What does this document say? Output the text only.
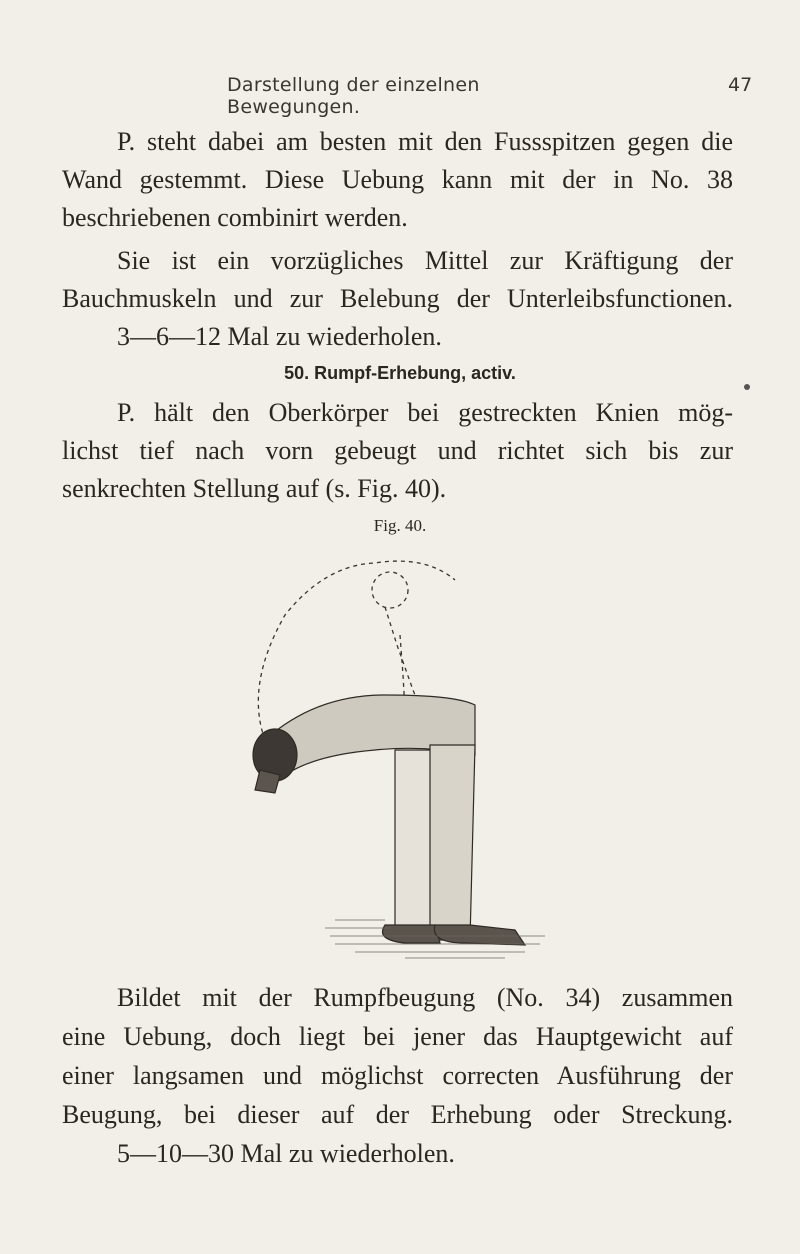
Darstellung der einzelnen Bewegungen.
47
P. steht dabei am besten mit den Fussspitzen gegen die
Wand gestemmt. Diese Uebung kann mit der in No. 38
beschriebenen combinirt werden.
Sie ist ein vorzügliches Mittel zur Kräftigung der
Bauchmuskeln und zur Belebung der Unterleibsfunctionen.
3—6—12 Mal zu wiederholen.
50. Rumpf-Erhebung, activ.
P. hält den Oberkörper bei gestreckten Knien mög-
lichst tief nach vorn gebeugt und richtet sich bis zur
senkrechten Stellung auf (s. Fig. 40).
Fig. 40.
Bildet mit der Rumpfbeugung (No. 34) zusammen
eine Uebung, doch liegt bei jener das Hauptgewicht auf
einer langsamen und möglichst correcten Ausführung der
Beugung, bei dieser auf der Erhebung oder Streckung.
5—10—30 Mal zu wiederholen.
